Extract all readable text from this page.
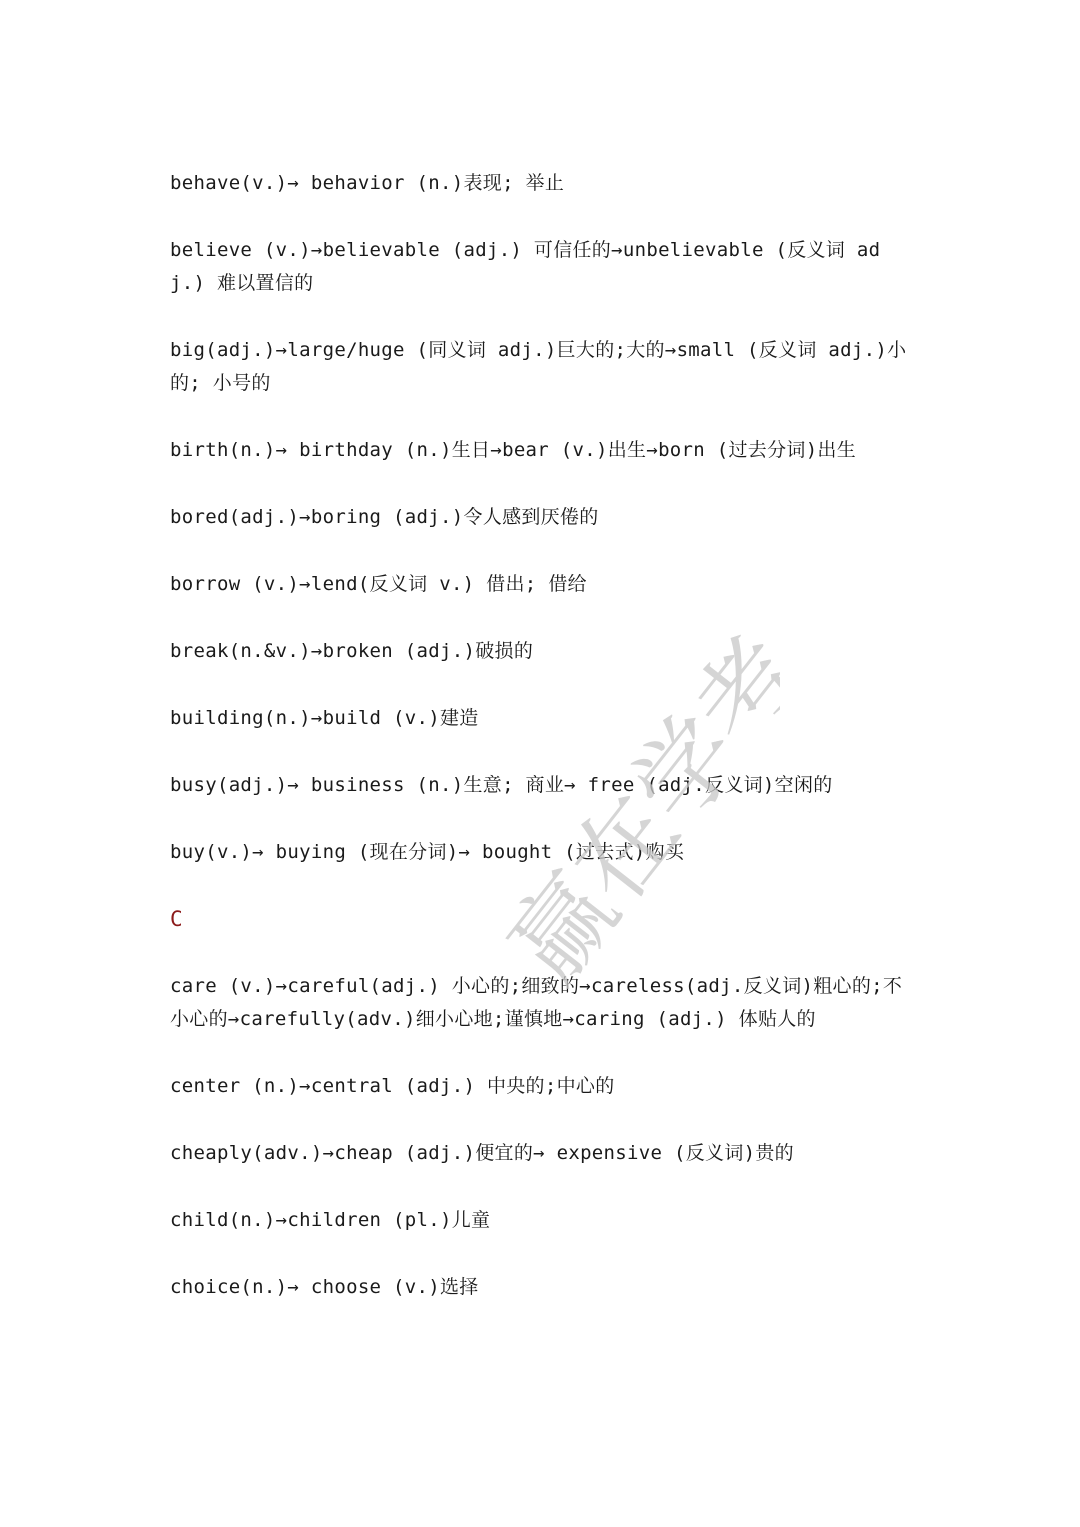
behave(v.)→ behavior (n.)表现; 举止
believe (v.)→believable (adj.) 可信任的→unbelievable (反义词 adj.) 难以置信的
big(adj.)→large/huge (同义词 adj.)巨大的;大的→small (反义词 adj.)小的; 小号的
birth(n.)→ birthday (n.)生日→bear (v.)出生→born (过去分词)出生
bored(adj.)→boring (adj.)令人感到厌倦的
borrow (v.)→lend(反义词 v.) 借出; 借给
break(n.&v.)→broken (adj.)破损的
building(n.)→build (v.)建造
busy(adj.)→ business (n.)生意; 商业→ free (adj.反义词)空闲的
buy(v.)→ buying (现在分词)→ bought (过去式)购买
C
care (v.)→careful(adj.) 小心的;细致的→careless(adj.反义词)粗心的;不小心的→carefully(adv.)细小心地;谨慎地→caring (adj.) 体贴人的
center (n.)→central (adj.) 中央的;中心的
cheaply(adv.)→cheap (adj.)便宜的→ expensive (反义词)贵的
child(n.)→children (pl.)儿童
choice(n.)→ choose (v.)选择
赢在学考
